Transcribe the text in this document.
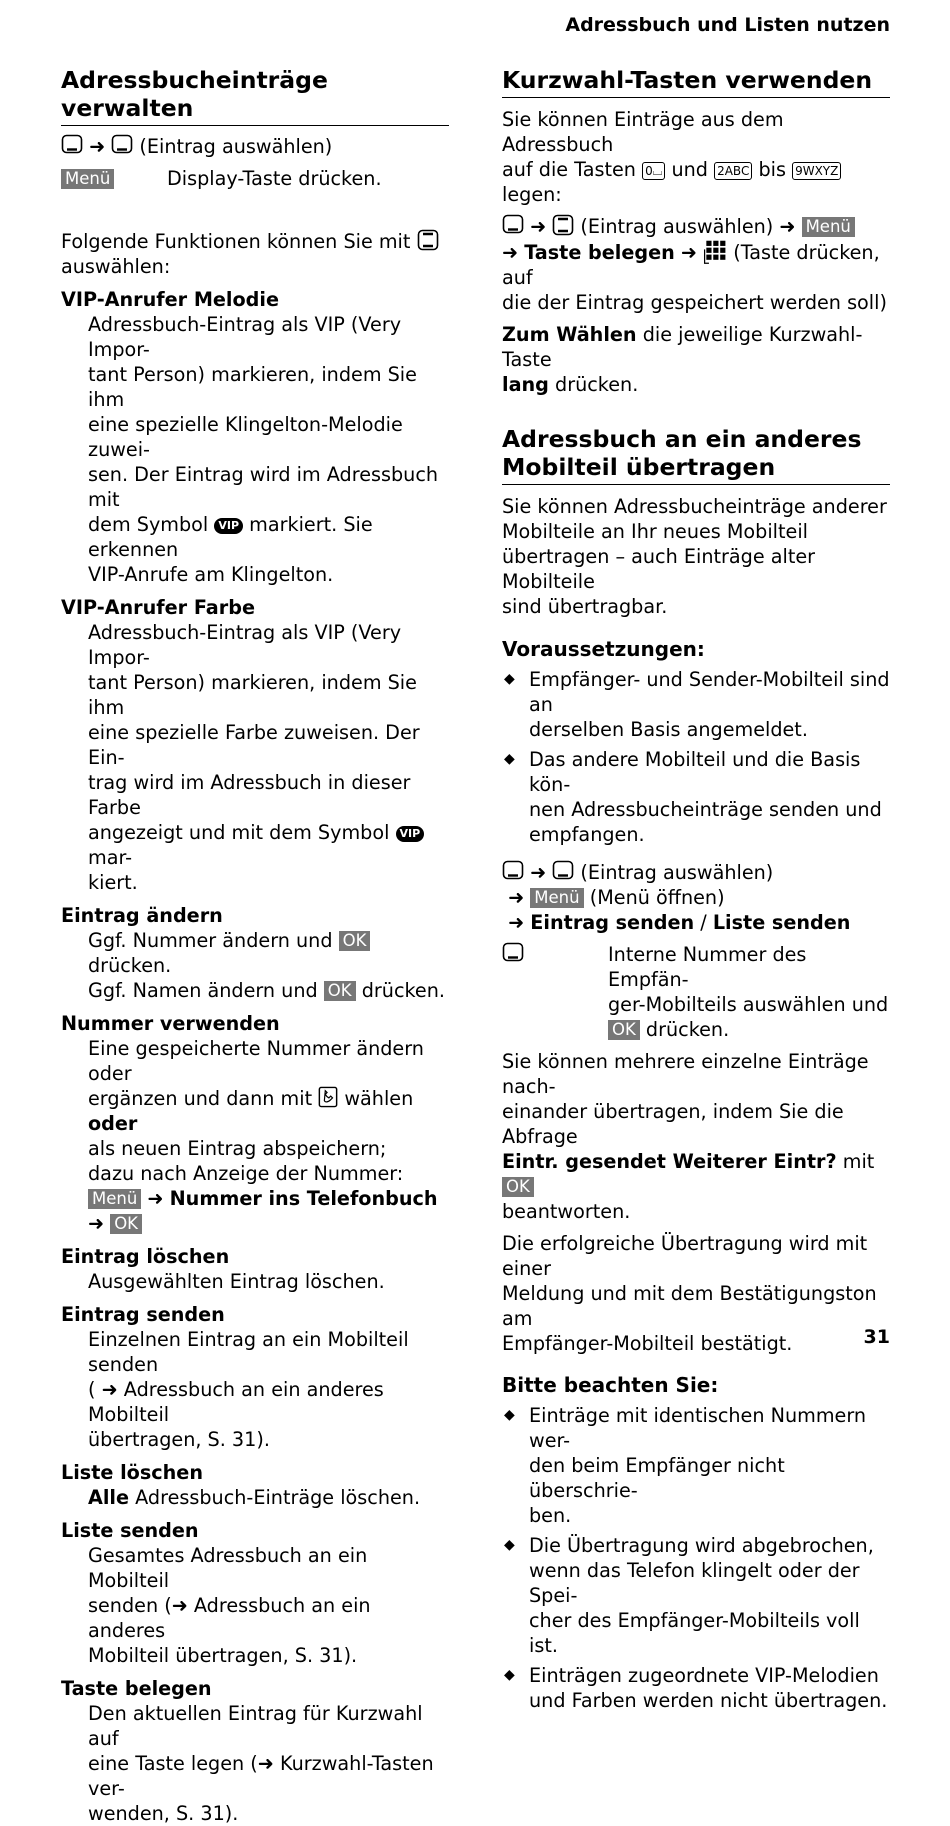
Adressbuch und Listen nutzen
Adressbucheinträge verwalten

➜ (Eintrag auswählen)

Menü	Display-Taste drücken.

Folgende Funktionen können Sie mit
auswählen:

VIP-Anrufer Melodie
Adressbuch-Eintrag als VIP (Very Impor-
tant Person) markieren, indem Sie ihm
eine spezielle Klingelton-Melodie zuwei-
sen. Der Eintrag wird im Adressbuch mit
dem Symbol VIP markiert. Sie erkennen
VIP-Anrufe am Klingelton.
VIP-Anrufer Farbe
Adressbuch-Eintrag als VIP (Very Impor-
tant Person) markieren, indem Sie ihm
eine spezielle Farbe zuweisen. Der Ein-
trag wird im Adressbuch in dieser Farbe
angezeigt und mit dem Symbol VIP mar-
kiert.
Eintrag ändern
Ggf. Nummer ändern und OK drücken.
Ggf. Namen ändern und OK drücken.
Nummer verwenden
Eine gespeicherte Nummer ändern oder
ergänzen und dann mit wählen oder
als neuen Eintrag abspeichern;
dazu nach Anzeige der Nummer:
Menü ➜ Nummer ins Telefonbuch ➜ OK
Eintrag löschen
Ausgewählten Eintrag löschen.
Eintrag senden
Einzelnen Eintrag an ein Mobilteil senden
( ➜ Adressbuch an ein anderes Mobilteil
übertragen, S. 31).
Liste löschen
Alle Adressbuch-Einträge löschen.
Liste senden
Gesamtes Adressbuch an ein Mobilteil
senden (➜ Adressbuch an ein anderes
Mobilteil übertragen, S. 31).
Taste belegen
Den aktuellen Eintrag für Kurzwahl auf
eine Taste legen (➜ Kurzwahl-Tasten ver-
wenden, S. 31).
Kurzwahl-Tasten verwenden

Sie können Einträge aus dem Adressbuch
auf die Tasten 0⌴ und 2ABC bis 9WXYZ legen:

➜ (Eintrag auswählen) ➜ Menü
➜ Taste belegen ➜ (Taste drücken, auf
die der Eintrag gespeichert werden soll)

Zum Wählen die jeweilige Kurzwahl-Taste
lang drücken.

Adressbuch an ein anderes
Mobilteil übertragen

Sie können Adressbucheinträge anderer
Mobilteile an Ihr neues Mobilteil
übertragen – auch Einträge alter Mobilteile
sind übertragbar.

Voraussetzungen:
◆ Empfänger- und Sender-Mobilteil sind an
derselben Basis angemeldet.
◆ Das andere Mobilteil und die Basis kön-
nen Adressbucheinträge senden und
empfangen.

➜ (Eintrag auswählen)
➜ Menü (Menü öffnen)
➜ Eintrag senden / Liste senden

Interne Nummer des Empfän-
ger-Mobilteils auswählen und
OK drücken.

Sie können mehrere einzelne Einträge nach-
einander übertragen, indem Sie die Abfrage
Eintr. gesendet Weiterer Eintr? mit OK
beantworten.

Die erfolgreiche Übertragung wird mit einer
Meldung und mit dem Bestätigungston am
Empfänger-Mobilteil bestätigt.

Bitte beachten Sie:
◆ Einträge mit identischen Nummern wer-
den beim Empfänger nicht überschrie-
ben.
◆ Die Übertragung wird abgebrochen,
wenn das Telefon klingelt oder der Spei-
cher des Empfänger-Mobilteils voll ist.
◆ Einträgen zugeordnete VIP-Melodien
und Farben werden nicht übertragen.
31
